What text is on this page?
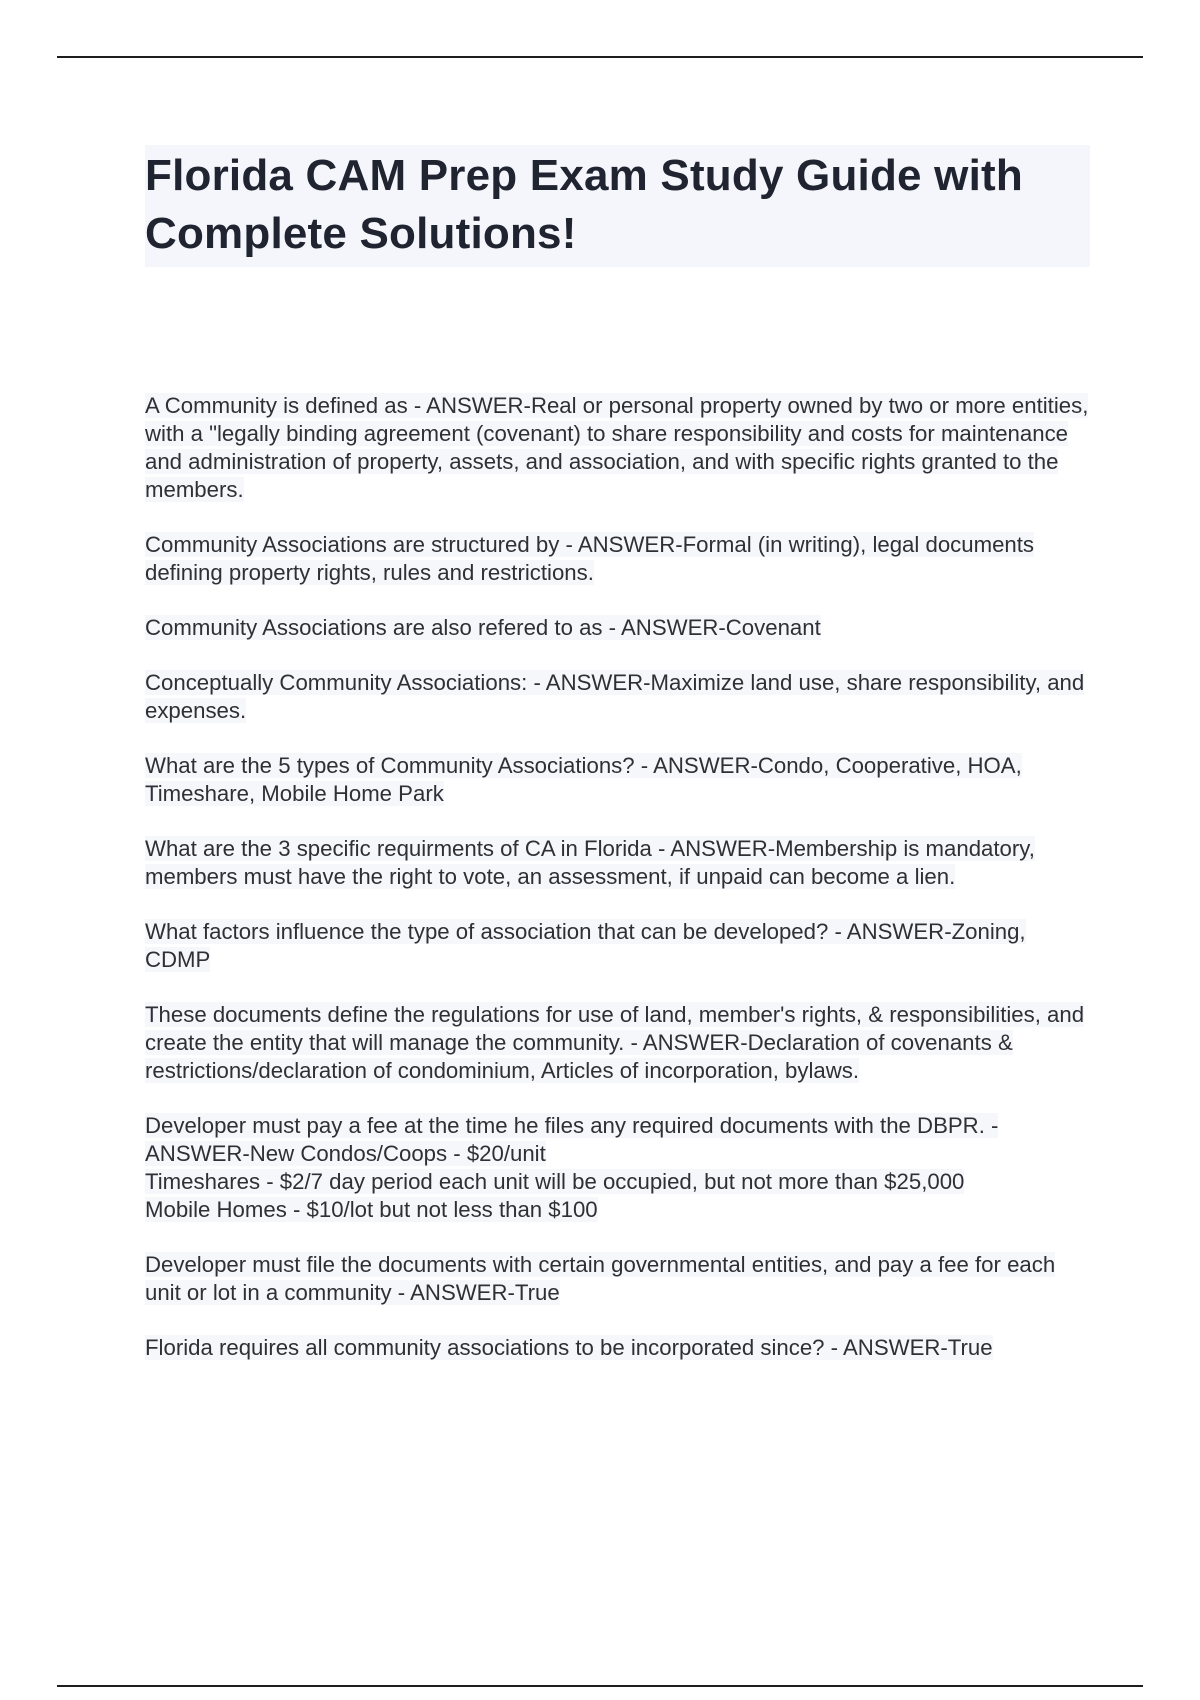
Florida CAM Prep Exam Study Guide with Complete Solutions!

A Community is defined as - ANSWER-Real or personal property owned by two or more entities, with a "legally binding agreement (covenant) to share responsibility and costs for maintenance and administration of property, assets, and association, and with specific rights granted to the members.

Community Associations are structured by - ANSWER-Formal (in writing), legal documents defining property rights, rules and restrictions.

Community Associations are also refered to as - ANSWER-Covenant

Conceptually Community Associations: - ANSWER-Maximize land use, share responsibility, and expenses.

What are the 5 types of Community Associations? - ANSWER-Condo, Cooperative, HOA, Timeshare, Mobile Home Park

What are the 3 specific requirments of CA in Florida - ANSWER-Membership is mandatory, members must have the right to vote, an assessment, if unpaid can become a lien.

What factors influence the type of association that can be developed? - ANSWER-Zoning, CDMP

These documents define the regulations for use of land, member's rights, & responsibilities, and create the entity that will manage the community. - ANSWER-Declaration of covenants & restrictions/declaration of condominium, Articles of incorporation, bylaws.

Developer must pay a fee at the time he files any required documents with the DBPR. - ANSWER-New Condos/Coops - $20/unit
Timeshares - $2/7 day period each unit will be occupied, but not more than $25,000
Mobile Homes - $10/lot but not less than $100

Developer must file the documents with certain governmental entities, and pay a fee for each unit or lot in a community - ANSWER-True

Florida requires all community associations to be incorporated since? - ANSWER-True
